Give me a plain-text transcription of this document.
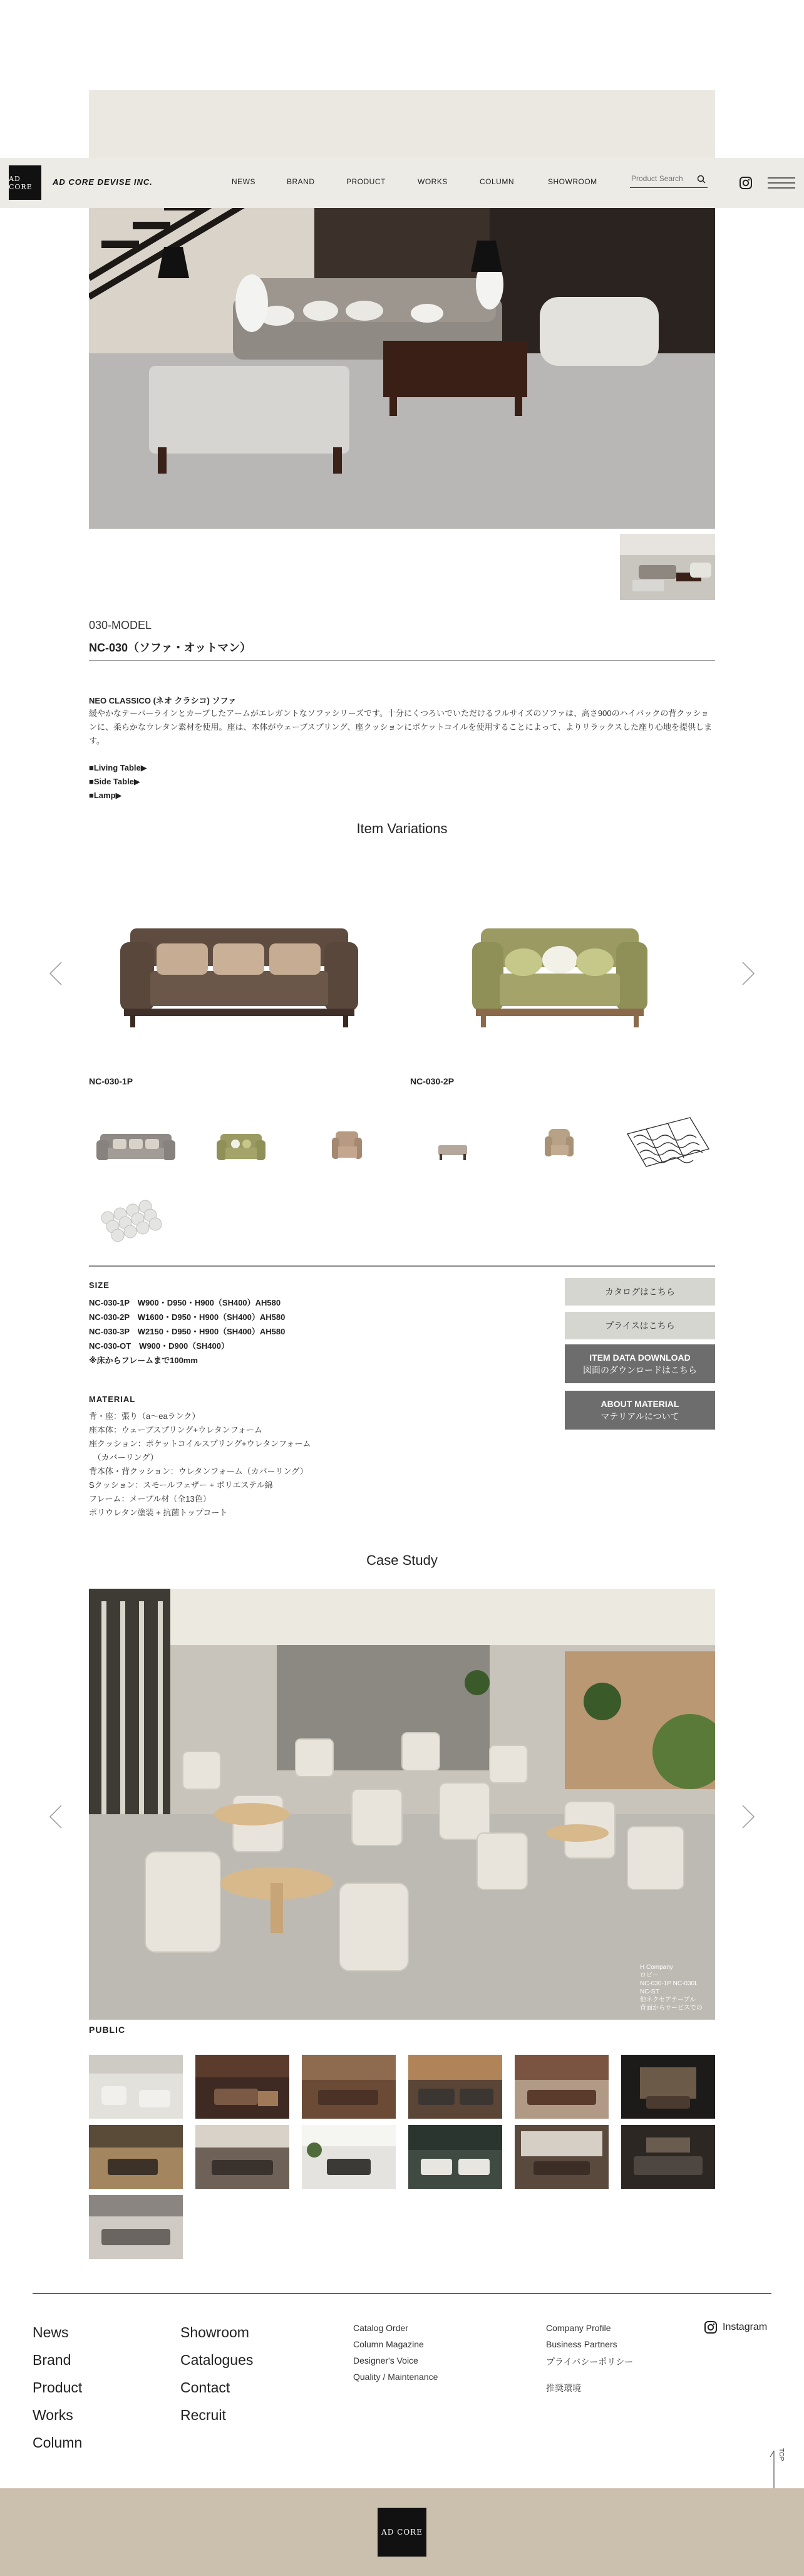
AD CORE	AD CORE DEVISE INC.	NEWS	BRAND	PRODUCT	WORKS	COLUMN	SHOWROOM
Product Search
030-MODEL
NC-030（ソファ・オットマン）
NEO CLASSICO (ネオ クラシコ) ソファ
緩やかなテーパーラインとカーブしたアームがエレガントなソファシリーズです。十分にくつろいでいただけるフルサイズのソファは、高さ900のハイバックの背クッションに、柔らかなウレタン素材を使用。座は、本体がウェーブスプリング、座クッションにポケットコイルを使用することによって、よりリラックスした座り心地を提供します。
■Living Table▶
■Side Table▶
■Lamp▶
Item Variations
NC-030-1P	NC-030-2P
SIZE
NC-030-1P　W900・D950・H900（SH400）AH580
NC-030-2P　W1600・D950・H900（SH400）AH580
NC-030-3P　W2150・D950・H900（SH400）AH580
NC-030-OT　W900・D900（SH400）
※床からフレームまで100mm
MATERIAL
背・座：張り（a〜eaランク）
座本体：ウェーブスプリング+ウレタンフォーム
座クッション：ポケットコイルスプリング+ウレタンフォーム
　（カバーリング）
背本体・背クッション：ウレタンフォーム（カバーリング）
Sクッション：スモールフェザー + ポリエステル綿
フレーム：メープル材（全13色）
ポリウレタン塗装 + 抗菌トップコート
カタログはこちら
プライスはこちら
ITEM DATA DOWNLOAD
図面のダウンロードはこちら
ABOUT MATERIAL
マテリアルについて
Case Study
H Company
ロビー
NC-030-1P NC-030L
NC-ST
他ネクセアテーブル
背面からサービスでの
PUBLIC
News
Brand
Product
Works
Column
Showroom
Catalogues
Contact
Recruit
Catalog Order
Column Magazine
Designer's Voice
Quality / Maintenance
Company Profile
Business Partners
プライバシーポリシー
推奨環境
Instagram
TOP
AD CORE
